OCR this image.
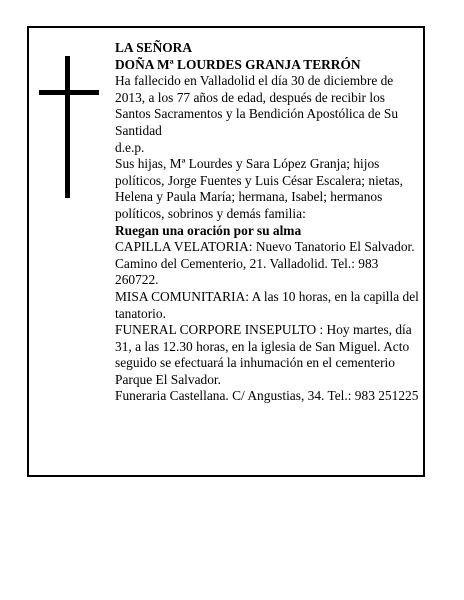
LA SEÑORA

DOÑA Mª LOURDES GRANJA TERRÓN

Ha fallecido en Valladolid el día 30 de diciembre de 2013, a los 77 años de edad, después de recibir los Santos Sacramentos y la Bendición Apostólica de Su Santidad

d.e.p.

Sus hijas, Mª Lourdes y Sara López Granja; hijos políticos, Jorge Fuentes y Luis César Escalera; nietas, Helena y Paula María; hermana, Isabel; hermanos políticos, sobrinos y demás familia:

Ruegan una oración por su alma

CAPILLA VELATORIA: Nuevo Tanatorio El Salvador. Camino del Cementerio, 21. Valladolid. Tel.: 983 260722.

MISA COMUNITARIA: A las 10 horas, en la capilla del tanatorio.

FUNERAL CORPORE INSEPULTO : Hoy martes, día 31, a las 12.30 horas, en la iglesia de San Miguel. Acto seguido se efectuará la inhumación en el cementerio Parque El Salvador.

Funeraria Castellana. C/ Angustias, 34. Tel.: 983 251225
